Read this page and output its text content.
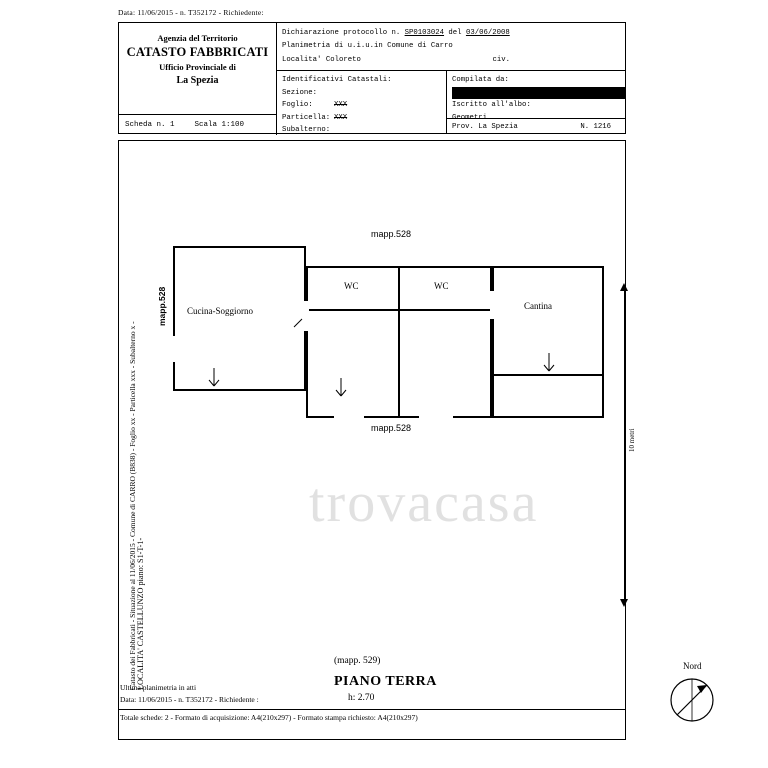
Data: 11/06/2015 - n. T352172 - Richiedente:
Agenzia del Territorio
CATASTO FABBRICATI
Ufficio Provinciale di
La Spezia
Scheda n. 1	Scala 1:100
Dichiarazione protocollo n. SP0103024 del 03/06/2008
Planimetria di u.i.u.in Comune di Carro
Localita' Coloreto	civ.
Identificativi Catastali:
Sezione:
Foglio:	XXX
Particella: XXX
Subalterno:
Compilata da:
NOME COGNOME
Iscritto all'albo:
Geometri
Prov. La Spezia	N. 1216
Catasto dei Fabbricati - Situazione al 11/06/2015 - Comune di CARRO (B838) - Foglio xx - Particella xxx - Subalterno x - LOCALITA' CASTELLUNZO piano: S1-T-1-
trovacasa
Cucina-Soggiorno
WC	WC
Cantina
mapp.528
mapp.528
mapp.528
(mapp. 529)
PIANO TERRA
h: 2.70
Nord
10 metri
Ultima planimetria in atti
Data: 11/06/2015 - n. T352172 - Richiedente :
Totale schede: 2 - Formato di acquisizione: A4(210x297) - Formato stampa richiesto: A4(210x297)
